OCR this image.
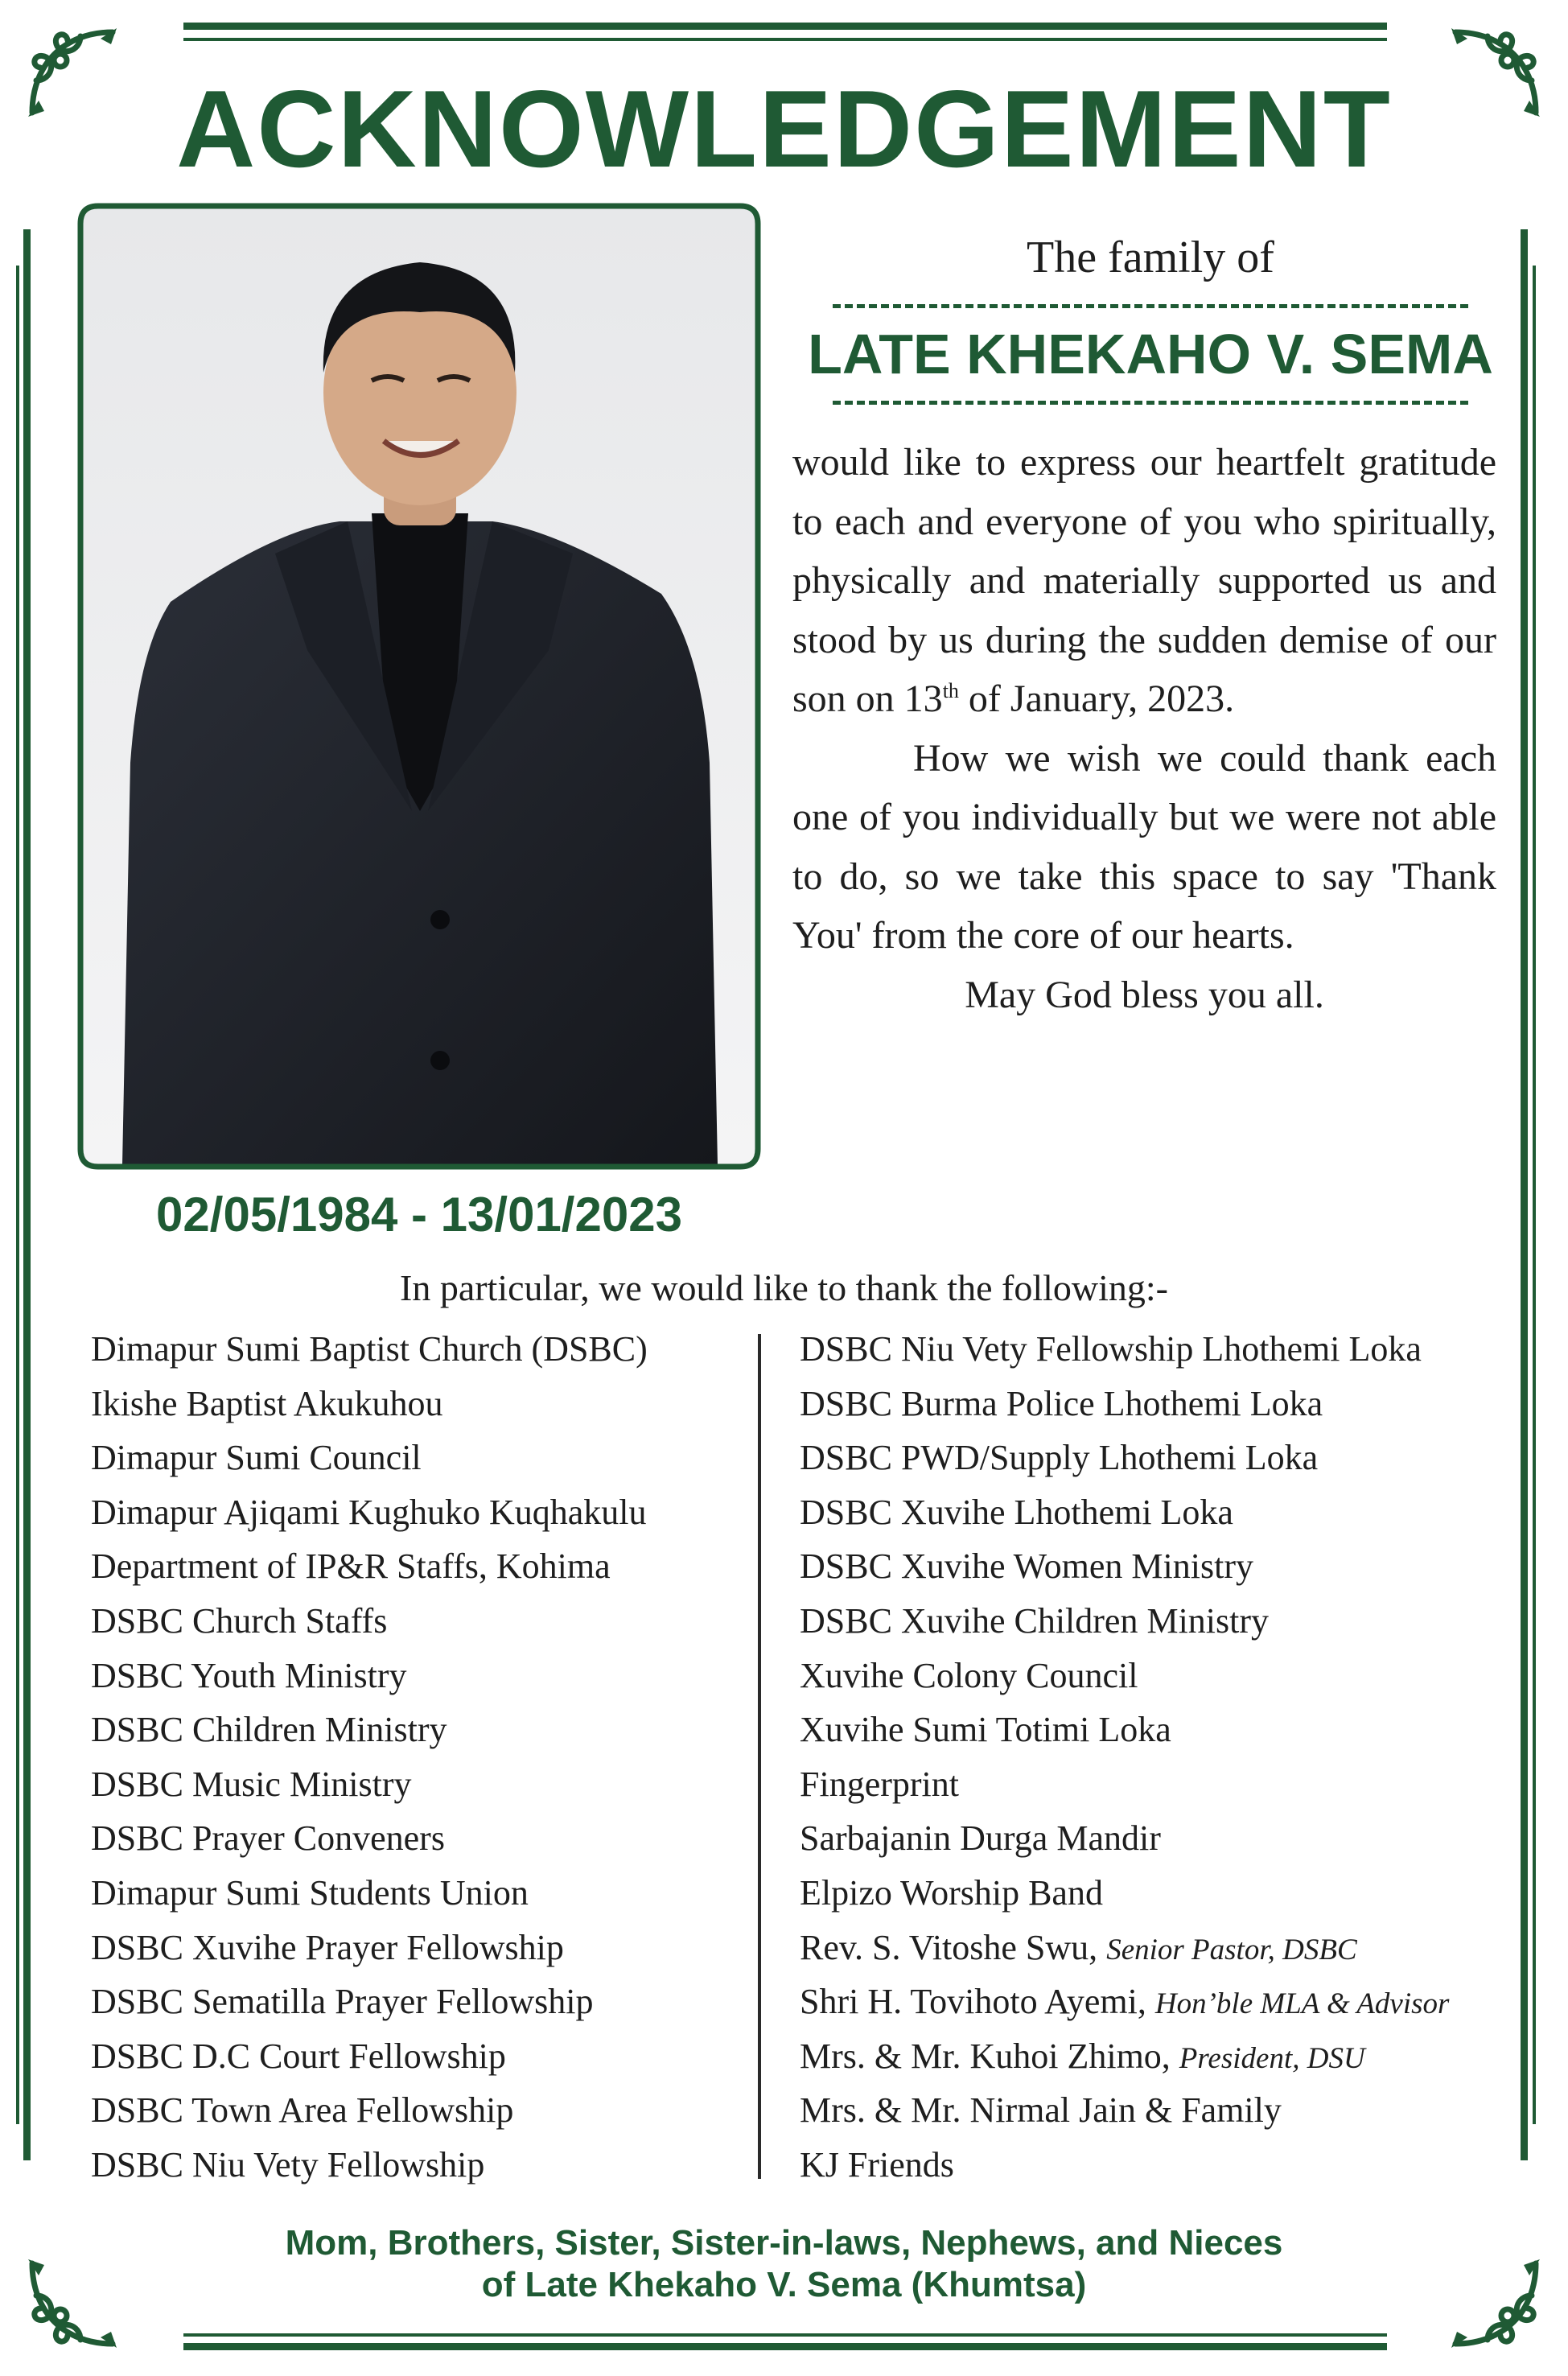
ACKNOWLEDGEMENT
The family of
LATE KHEKAHO V. SEMA

would like to express our heartfelt gratitude to each and everyone of you who spiritually, physically and materially supported us and stood by us during the sudden demise of our son on 13th of January, 2023.

How we wish we could thank each one of you individually but we were not able to do, so we take this space to say 'Thank You' from the core of our hearts.

May God bless you all.

02/05/1984 - 13/01/2023
In particular, we would like to thank the following:-
Dimapur Sumi Baptist Church (DSBC)
Ikishe Baptist Akukuhou
Dimapur Sumi Council
Dimapur Ajiqami Kughuko Kuqhakulu
Department of IP&R Staffs, Kohima
DSBC Church Staffs
DSBC Youth Ministry
DSBC Children Ministry
DSBC Music Ministry
DSBC Prayer Conveners
Dimapur Sumi Students Union
DSBC Xuvihe Prayer Fellowship
DSBC Sematilla Prayer Fellowship
DSBC D.C Court Fellowship
DSBC Town Area Fellowship
DSBC Niu Vety Fellowship
DSBC Niu Vety Fellowship Lhothemi Loka
DSBC Burma Police Lhothemi Loka
DSBC PWD/Supply Lhothemi Loka
DSBC Xuvihe Lhothemi Loka
DSBC Xuvihe Women Ministry
DSBC Xuvihe Children Ministry
Xuvihe Colony Council
Xuvihe Sumi Totimi Loka
Fingerprint
Sarbajanin Durga Mandir
Elpizo Worship Band
Rev. S. Vitoshe Swu, Senior Pastor, DSBC
Shri H. Tovihoto Ayemi, Hon’ble MLA & Advisor
Mrs. & Mr. Kuhoi Zhimo, President, DSU
Mrs. & Mr. Nirmal Jain & Family
KJ Friends
Mom, Brothers, Sister, Sister-in-laws, Nephews, and Nieces
of Late Khekaho V. Sema (Khumtsa)
